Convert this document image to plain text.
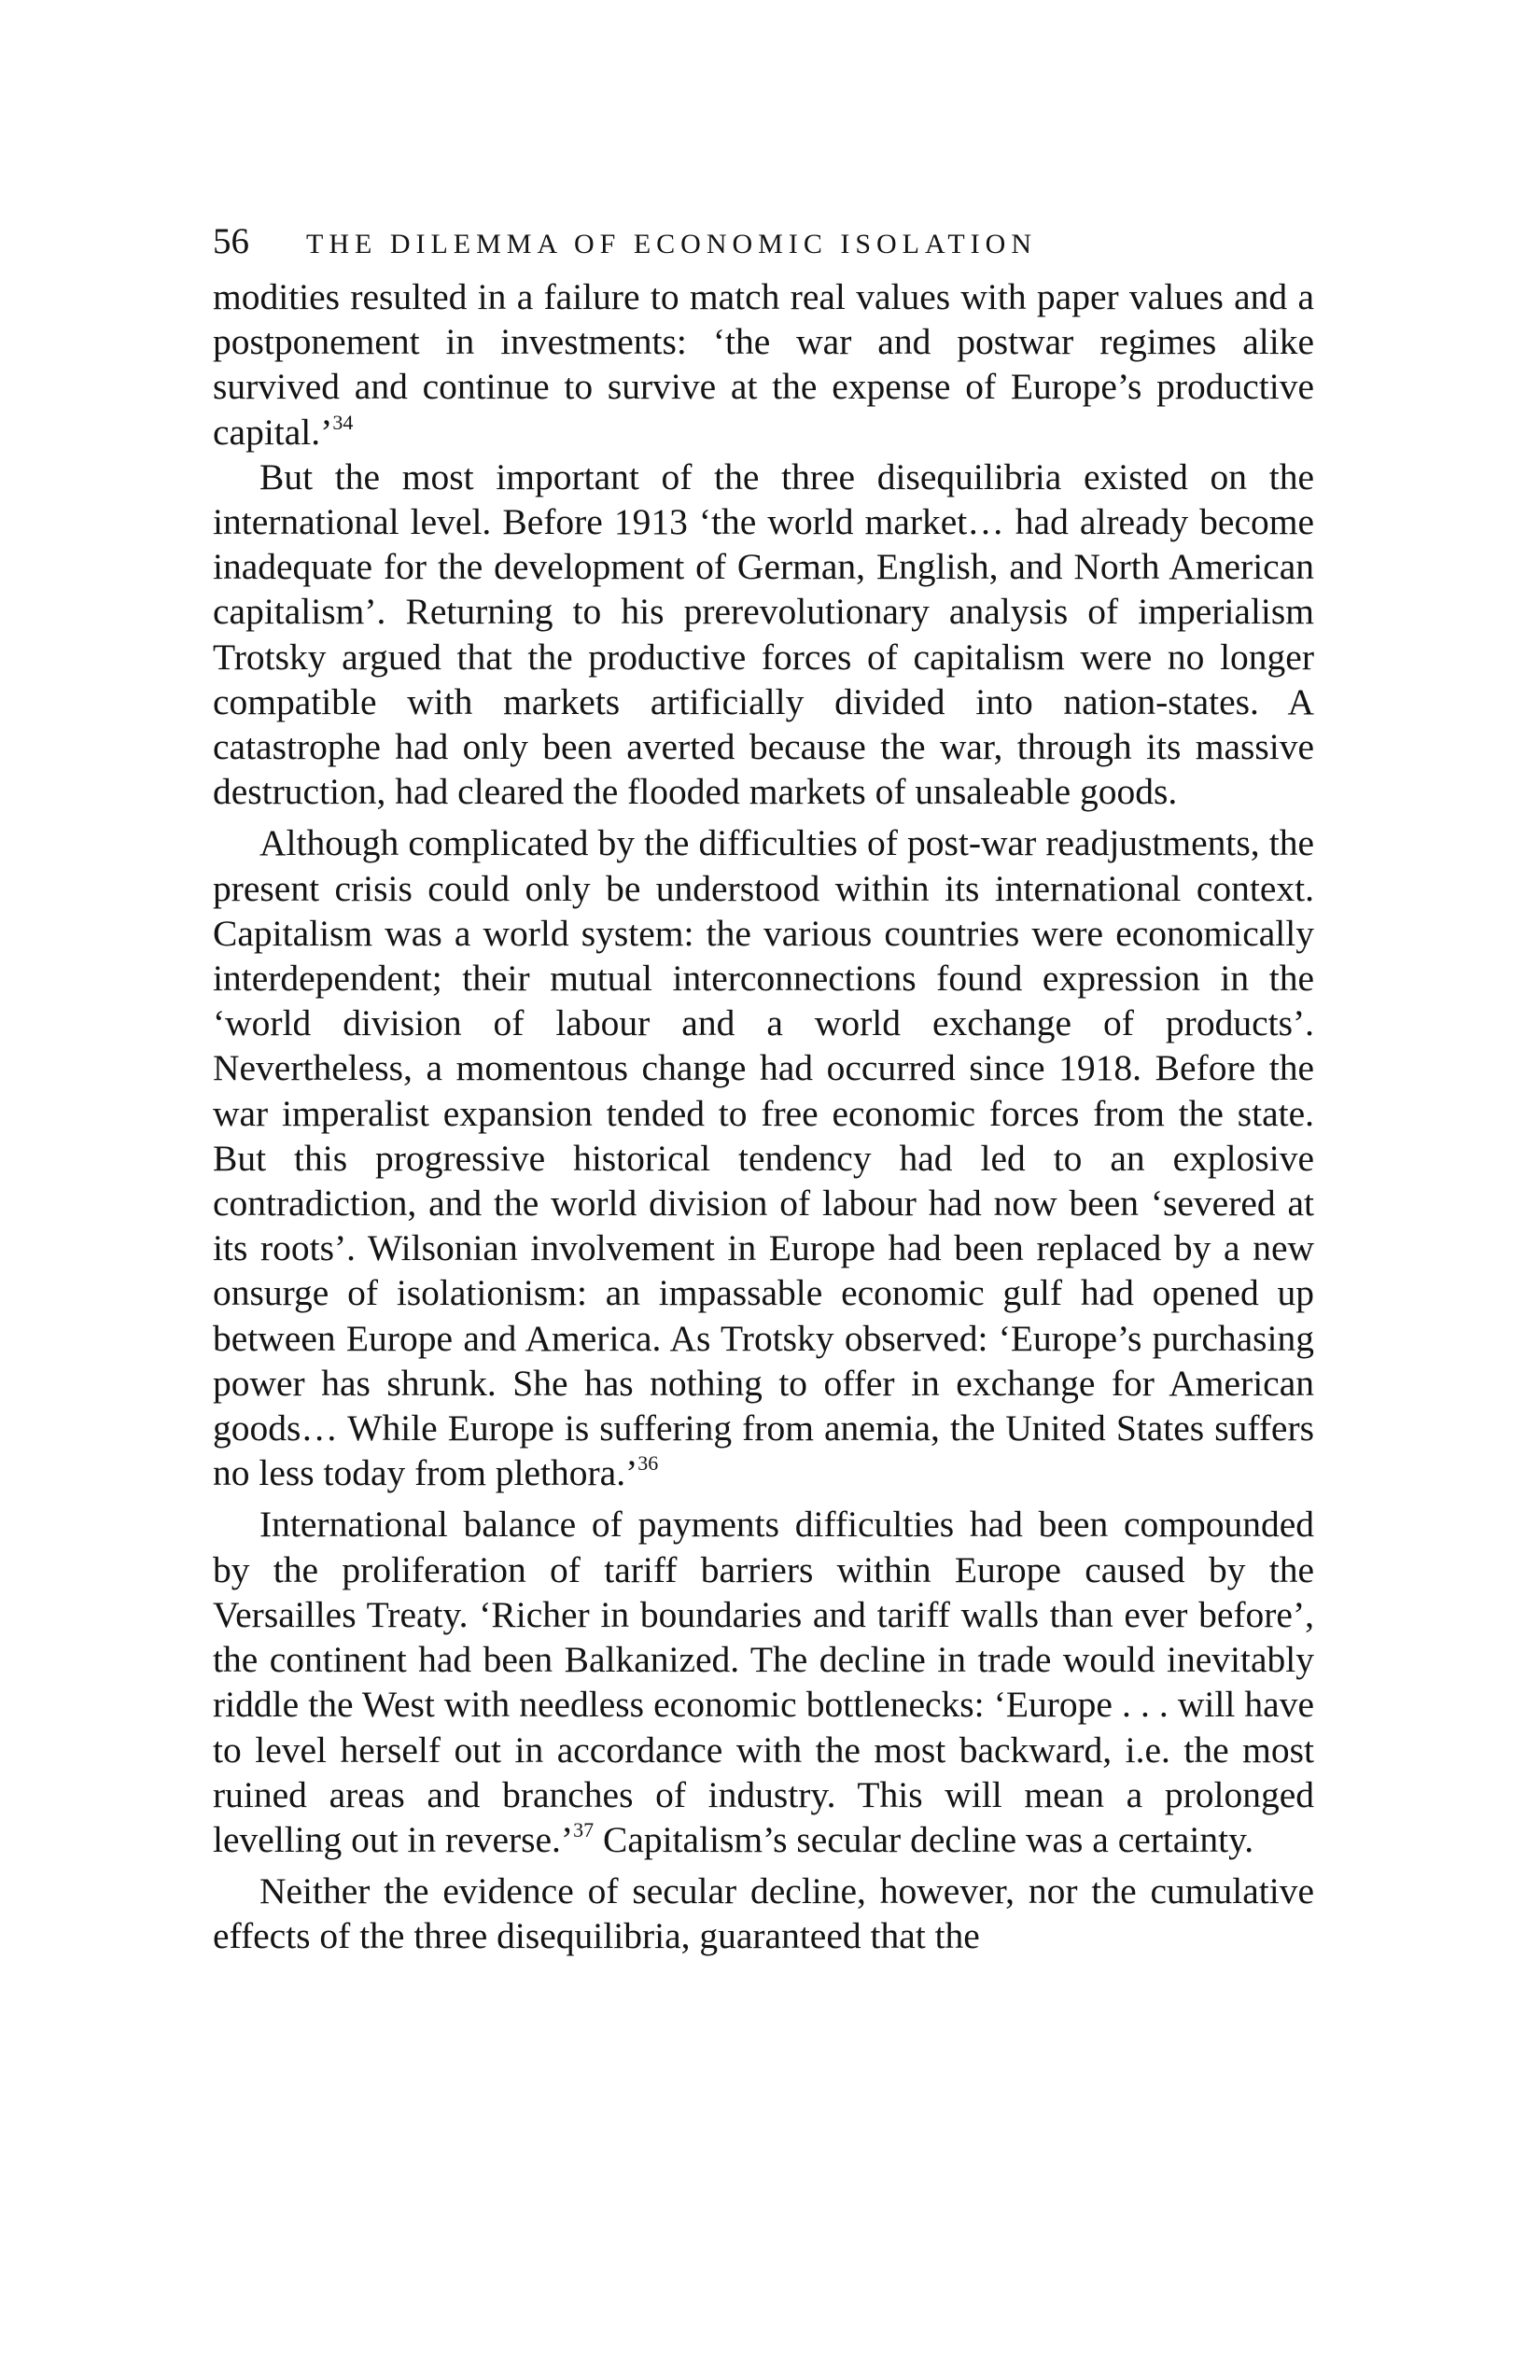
56	THE DILEMMA OF ECONOMIC ISOLATION

modities resulted in a failure to match real values with paper values and a postponement in investments: ‘the war and postwar regimes alike survived and continue to survive at the expense of Europe’s productive capital.’$^{34}$

But the most important of the three disequilibria existed on the international level. Before 1913 ‘the world market… had already become inadequate for the development of German, English, and North American capitalism’. Returning to his prerevolutionary analysis of imperialism Trotsky argued that the productive forces of capitalism were no longer compatible with markets artificially divided into nation-states. A catastrophe had only been averted because the war, through its massive destruction, had cleared the flooded markets of unsaleable goods.

Although complicated by the difficulties of post-war readjustments, the present crisis could only be understood within its international context. Capitalism was a world system: the various countries were economically interdependent; their mutual interconnections found expression in the ‘world division of labour and a world exchange of products’. Nevertheless, a momentous change had occurred since 1918. Before the war imperalist expansion tended to free economic forces from the state. But this progressive historical tendency had led to an explosive contradiction, and the world division of labour had now been ‘severed at its roots’. Wilsonian involvement in Europe had been replaced by a new onsurge of isolationism: an impassable economic gulf had opened up between Europe and America. As Trotsky observed: ‘Europe’s purchasing power has shrunk. She has nothing to offer in exchange for American goods… While Europe is suffering from anemia, the United States suffers no less today from plethora.’$^{36}$

International balance of payments difficulties had been compounded by the proliferation of tariff barriers within Europe caused by the Versailles Treaty. ‘Richer in boundaries and tariff walls than ever before’, the continent had been Balkanized. The decline in trade would inevitably riddle the West with needless economic bottlenecks: ‘Europe . . . will have to level herself out in accordance with the most backward, i.e. the most ruined areas and branches of industry. This will mean a prolonged levelling out in reverse.’$^{37}$ Capitalism’s secular decline was a certainty.

Neither the evidence of secular decline, however, nor the cumulative effects of the three disequilibria, guaranteed that the
